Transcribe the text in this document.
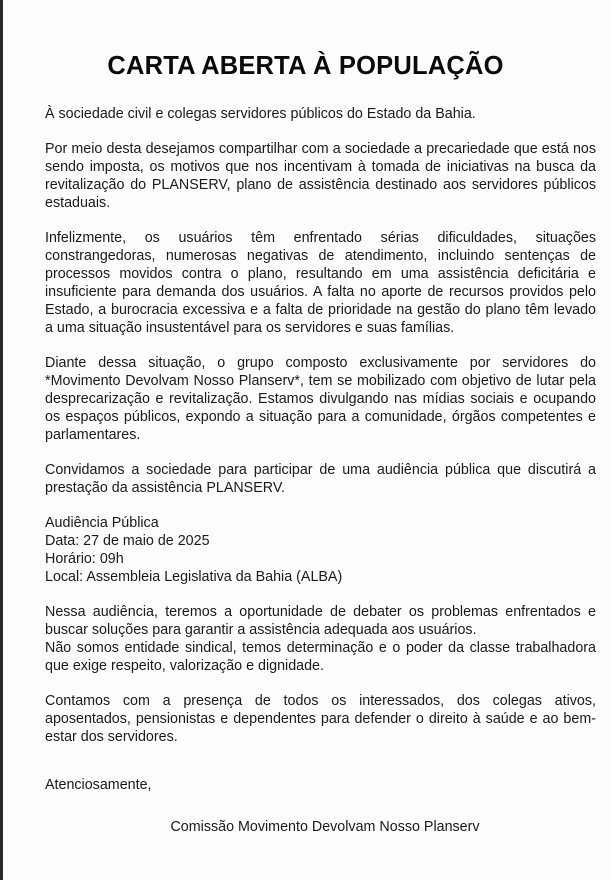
CARTA ABERTA À POPULAÇÃO

À sociedade civil e colegas servidores públicos do Estado da Bahia.

Por meio desta desejamos compartilhar com a sociedade a precariedade que está nos sendo imposta, os motivos que nos incentivam à tomada de iniciativas na busca da revitalização do PLANSERV, plano de assistência destinado aos servidores públicos estaduais.

Infelizmente, os usuários têm enfrentado sérias dificuldades, situações constrangedoras, numerosas negativas de atendimento, incluindo sentenças de processos movidos contra o plano, resultando em uma assistência deficitária e insuficiente para demanda dos usuários. A falta no aporte de recursos providos pelo Estado, a burocracia excessiva e a falta de prioridade na gestão do plano têm levado a uma situação insustentável para os servidores e suas famílias.

Diante dessa situação, o grupo composto exclusivamente por servidores do *Movimento Devolvam Nosso Planserv*, tem se mobilizado com objetivo de lutar pela desprecarização e revitalização. Estamos divulgando nas mídias sociais e ocupando os espaços públicos, expondo a situação para a comunidade, órgãos competentes e parlamentares.

Convidamos a sociedade para participar de uma audiência pública que discutirá a prestação da assistência PLANSERV.

Audiência Pública
Data: 27 de maio de 2025
Horário: 09h
Local: Assembleia Legislativa da Bahia (ALBA)
Nessa audiência, teremos a oportunidade de debater os problemas enfrentados e buscar soluções para garantir a assistência adequada aos usuários.
Não somos entidade sindical, temos determinação e o poder da classe trabalhadora que exige respeito, valorização e dignidade.

Contamos com a presença de todos os interessados, dos colegas ativos, aposentados, pensionistas e dependentes para defender o direito à saúde e ao bem-estar dos servidores.

Atenciosamente,

Comissão Movimento Devolvam Nosso Planserv
